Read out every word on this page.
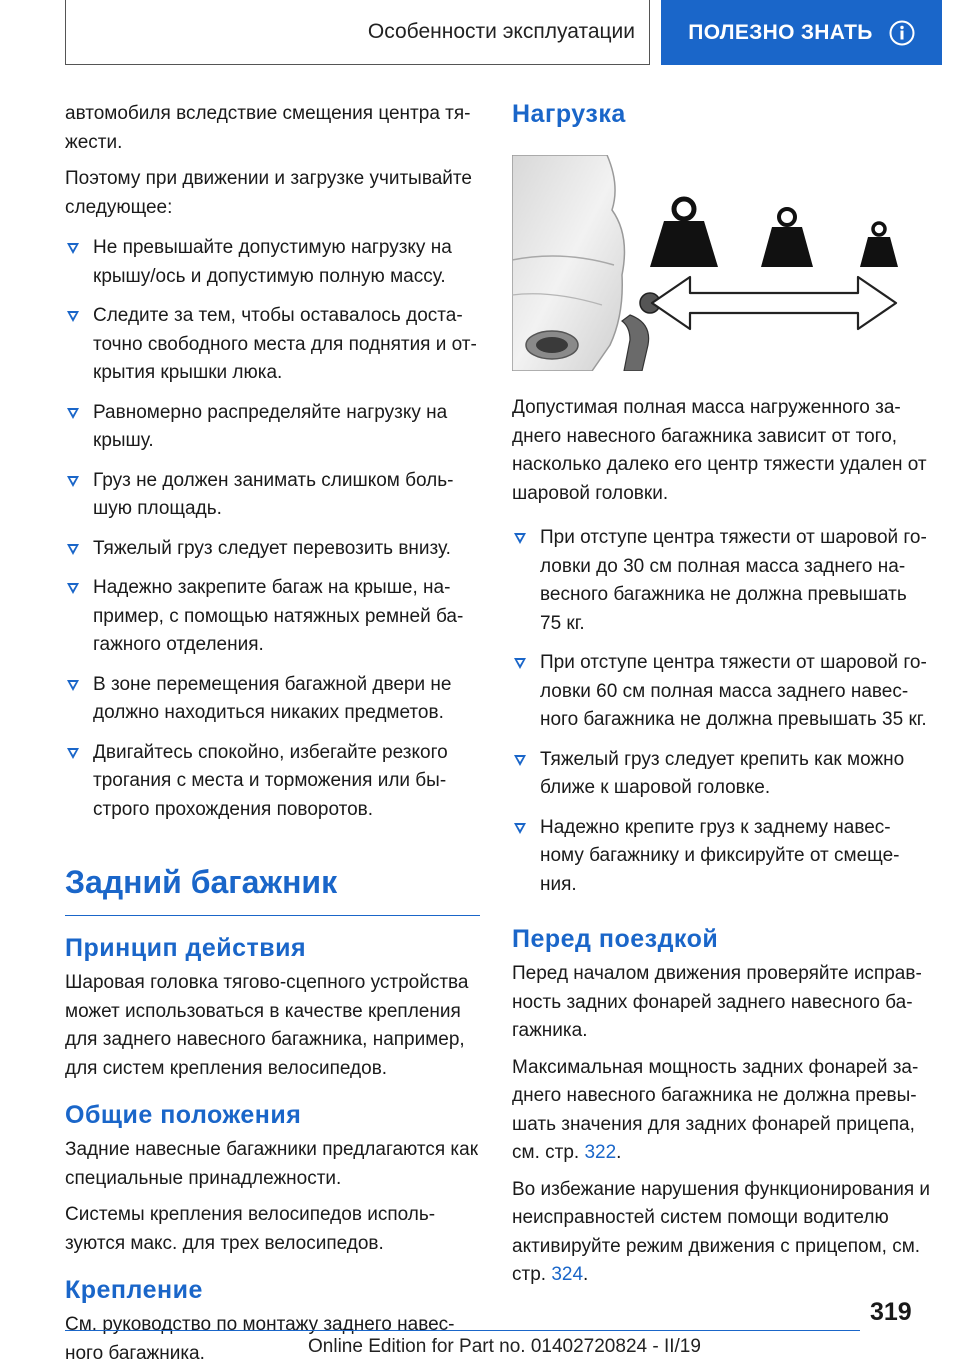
Особенности эксплуатации	ПОЛЕЗНО ЗНАТЬ

автомобиля вследствие смещения центра тя-жести.

Поэтому при движении и загрузке учитывайте следующее:

Не превышайте допустимую нагрузку на крышу/ось и допустимую полную массу.
Следите за тем, чтобы оставалось доста-точно свободного места для поднятия и от-крытия крышки люка.
Равномерно распределяйте нагрузку на крышу.
Груз не должен занимать слишком боль-шую площадь.
Тяжелый груз следует перевозить внизу.
Надежно закрепите багаж на крыше, на-пример, с помощью натяжных ремней ба-гажного отделения.
В зоне перемещения багажной двери не должно находиться никаких предметов.
Двигайтесь спокойно, избегайте резкого трогания с места и торможения или бы-строго прохождения поворотов.
Задний багажник
Принцип действия

Шаровая головка тягово-сцепного устройства может использоваться в качестве крепления для заднего навесного багажника, например, для систем крепления велосипедов.

Общие положения

Задние навесные багажники предлагаются как специальные принадлежности.

Системы крепления велосипедов исполь-зуются макс. для трех велосипедов.

Крепление

См. руководство по монтажу заднего навес-ного багажника.

Нагрузка

Допустимая полная масса нагруженного за-днего навесного багажника зависит от того, насколько далеко его центр тяжести удален от шаровой головки.

При отступе центра тяжести от шаровой го-ловки до 30 см полная масса заднего на-весного багажника не должна превышать 75 кг.
При отступе центра тяжести от шаровой го-ловки 60 см полная масса заднего навес-ного багажника не должна превышать 35 кг.
Тяжелый груз следует крепить как можно ближе к шаровой головке.
Надежно крепите груз к заднему навес-ному багажнику и фиксируйте от смеще-ния.
Перед поездкой

Перед началом движения проверяйте исправ-ность задних фонарей заднего навесного ба-гажника.

Максимальная мощность задних фонарей за-днего навесного багажника не должна превы-шать значения для задних фонарей прицепа, см. стр. 322.

Во избежание нарушения функционирования и неисправностей систем помощи водителю активируйте режим движения с прицепом, см. стр. 324.

319
Online Edition for Part no. 01402720824 - II/19
